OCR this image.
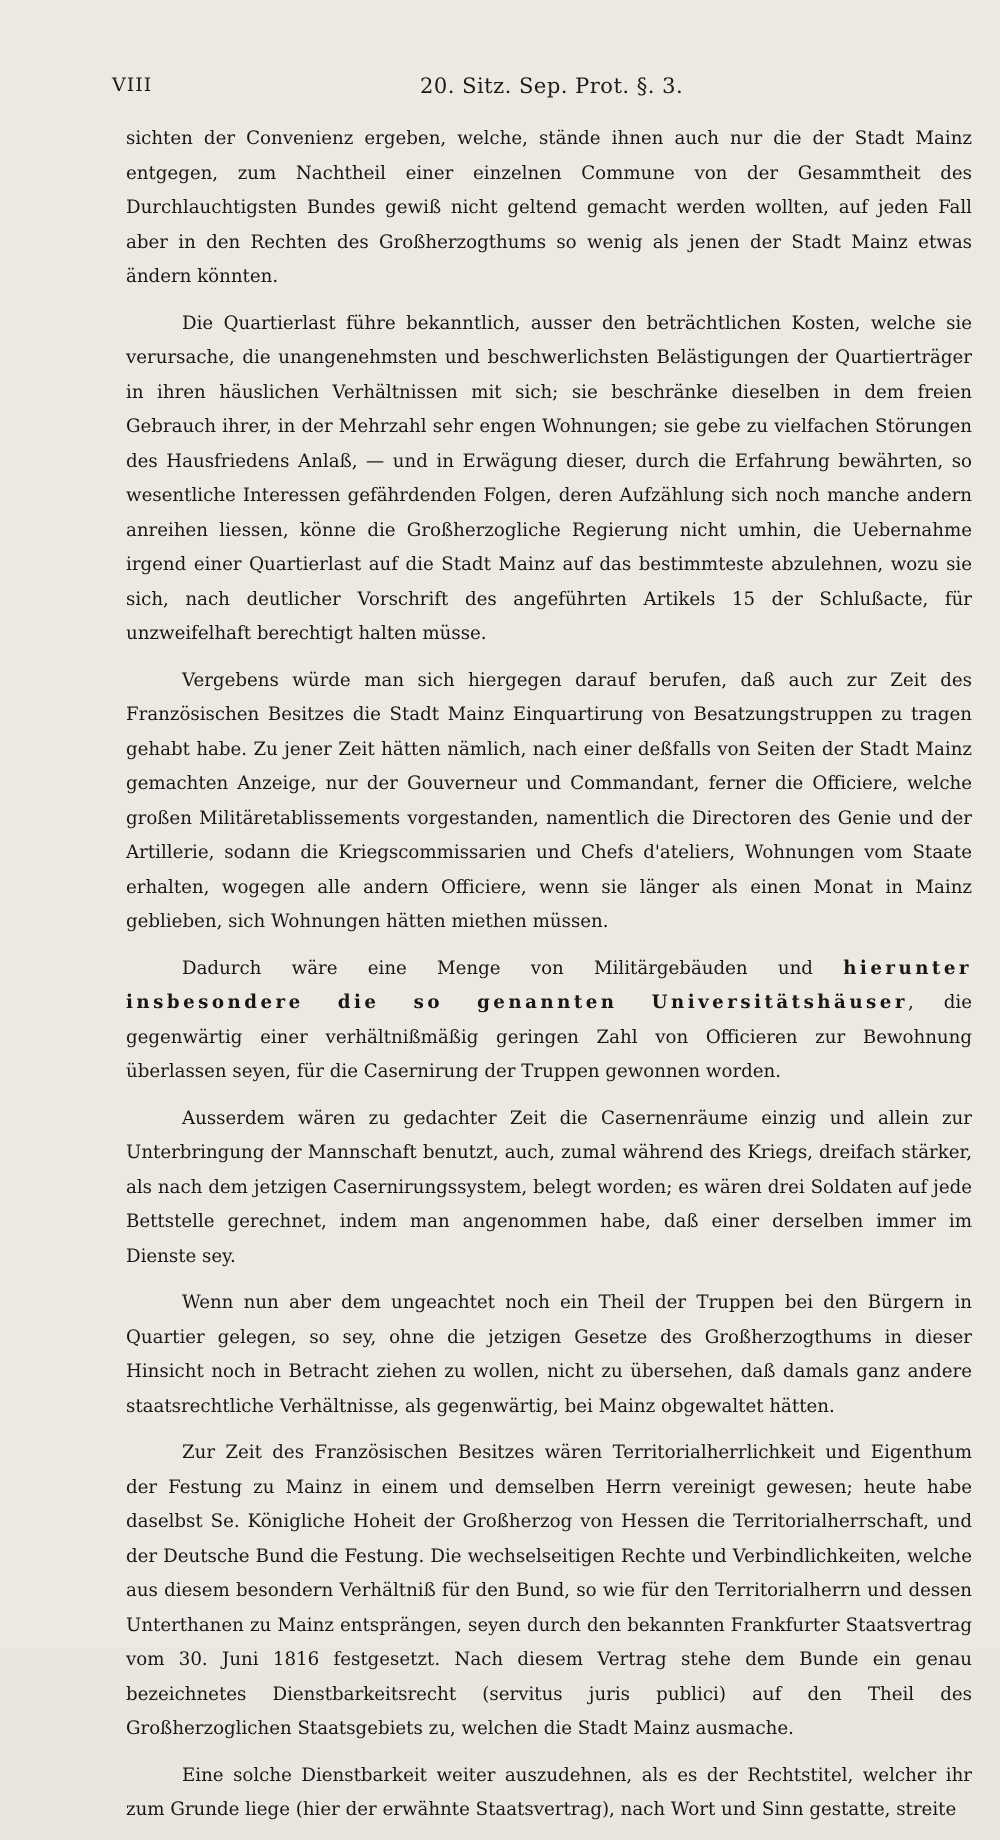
VIII	20. Sitz. Sep. Prot. §. 3.

sichten der Convenienz ergeben, welche, stände ihnen auch nur die der Stadt Mainz entgegen, zum Nachtheil einer einzelnen Commune von der Gesammtheit des Durchlauchtigsten Bundes gewiß nicht geltend gemacht werden wollten, auf jeden Fall aber in den Rechten des Großherzogthums so wenig als jenen der Stadt Mainz etwas ändern könnten.

Die Quartierlast führe bekanntlich, ausser den beträchtlichen Kosten, welche sie verursache, die unangenehmsten und beschwerlichsten Belästigungen der Quartierträger in ihren häuslichen Verhältnissen mit sich; sie beschränke dieselben in dem freien Gebrauch ihrer, in der Mehrzahl sehr engen Wohnungen; sie gebe zu vielfachen Störungen des Hausfriedens Anlaß, — und in Erwägung dieser, durch die Erfahrung bewährten, so wesentliche Interessen gefährdenden Folgen, deren Aufzählung sich noch manche andern anreihen liessen, könne die Großherzogliche Regierung nicht umhin, die Uebernahme irgend einer Quartierlast auf die Stadt Mainz auf das bestimmteste abzulehnen, wozu sie sich, nach deutlicher Vorschrift des angeführten Artikels 15 der Schlußacte, für unzweifelhaft berechtigt halten müsse.

Vergebens würde man sich hiergegen darauf berufen, daß auch zur Zeit des Französischen Besitzes die Stadt Mainz Einquartirung von Besatzungstruppen zu tragen gehabt habe. Zu jener Zeit hätten nämlich, nach einer deßfalls von Seiten der Stadt Mainz gemachten Anzeige, nur der Gouverneur und Commandant, ferner die Officiere, welche großen Militäretablissements vorgestanden, namentlich die Directoren des Genie und der Artillerie, sodann die Kriegscommissarien und Chefs d'ateliers, Wohnungen vom Staate erhalten, wogegen alle andern Officiere, wenn sie länger als einen Monat in Mainz geblieben, sich Wohnungen hätten miethen müssen.

Dadurch wäre eine Menge von Militärgebäuden und hierunter insbesondere die so genannten Universitätshäuser, die gegenwärtig einer verhältnißmäßig geringen Zahl von Officieren zur Bewohnung überlassen seyen, für die Casernirung der Truppen gewonnen worden.

Ausserdem wären zu gedachter Zeit die Casernenräume einzig und allein zur Unterbringung der Mannschaft benutzt, auch, zumal während des Kriegs, dreifach stärker, als nach dem jetzigen Casernirungssystem, belegt worden; es wären drei Soldaten auf jede Bettstelle gerechnet, indem man angenommen habe, daß einer derselben immer im Dienste sey.

Wenn nun aber dem ungeachtet noch ein Theil der Truppen bei den Bürgern in Quartier gelegen, so sey, ohne die jetzigen Gesetze des Großherzogthums in dieser Hinsicht noch in Betracht ziehen zu wollen, nicht zu übersehen, daß damals ganz andere staatsrechtliche Verhältnisse, als gegenwärtig, bei Mainz obgewaltet hätten.

Zur Zeit des Französischen Besitzes wären Territorialherrlichkeit und Eigenthum der Festung zu Mainz in einem und demselben Herrn vereinigt gewesen; heute habe daselbst Se. Königliche Hoheit der Großherzog von Hessen die Territorialherrschaft, und der Deutsche Bund die Festung. Die wechselseitigen Rechte und Verbindlichkeiten, welche aus diesem besondern Verhältniß für den Bund, so wie für den Territorialherrn und dessen Unterthanen zu Mainz entsprängen, seyen durch den bekannten Frankfurter Staatsvertrag vom 30. Juni 1816 festgesetzt. Nach diesem Vertrag stehe dem Bunde ein genau bezeichnetes Dienstbarkeitsrecht (servitus juris publici) auf den Theil des Großherzoglichen Staatsgebiets zu, welchen die Stadt Mainz ausmache.

Eine solche Dienstbarkeit weiter auszudehnen, als es der Rechtstitel, welcher ihr zum Grunde liege (hier der erwähnte Staatsvertrag), nach Wort und Sinn gestatte, streite
